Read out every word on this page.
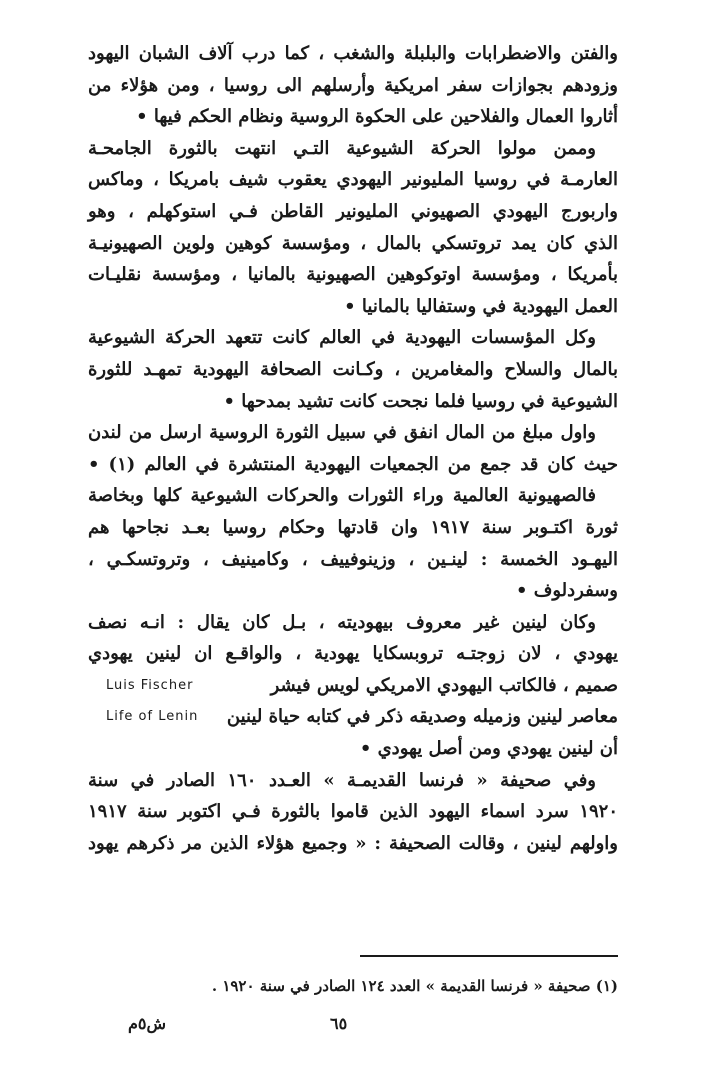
والفتن والاضطرابات والبلبلة والشغب ، كما درب آلاف الشبان اليهود
وزودهم بجوازات سفر امريكية وأرسلهم الى روسيا ، ومن هؤلاء من
أثاروا العمال والفلاحين على الحكوة الروسية ونظام الحكم فيها •
وممن مولوا الحركة الشيوعية التـي انتهت بالثورة الجامحـة
العارمـة في روسيا المليونير اليهودي يعقوب شيف بامريكا ، وماكس
واربورج اليهودي الصهيوني المليونير القاطن فـي استوكهلم ، وهو
الذي كان يمد تروتسكي بالمال ، ومؤسسة كوهين ولوين الصهيونيـة
بأمريكا ، ومؤسسة اوتوكوهين الصهيونية بالمانيا ، ومؤسسة نقليـات
العمل اليهودية في وستفاليا بالمانيا •
وكل المؤسسات اليهودية في العالم كانت تتعهد الحركة الشيوعية
بالمال والسلاح والمغامرين ، وكـانت الصحافة اليهودية تمهـد للثورة
الشيوعية في روسيا فلما نجحت كانت تشيد بمدحها •
واول مبلغ من المال انفق في سبيل الثورة الروسية ارسل من لندن
حيث كان قد جمع من الجمعيات اليهودية المنتشرة في العالم (١) •
فالصهيونية العالمية وراء الثورات والحركات الشيوعية كلها وبخاصة
ثورة اكتـوبر سنة ١٩١٧ وان قادتها وحكام روسيا بعـد نجاحها هم
اليهـود الخمسة : لينـين ، وزينوفييف ، وكامينيف ، وتروتسكـي ،
وسفردلوف •
وكان لينين غير معروف بيهوديته ، بـل كان يقال : انـه نصف
يهودي ، لان زوجتـه تروبسكايا يهودية ، والواقـع ان لينين يهودي
صميم ، فالكاتب اليهودي الامريكي لويس فيشر
Luis Fischer
معاصر لينين وزميله وصديقه ذكر في كتابه حياة لينين
Life of Lenin
أن لينين يهودي ومن أصل يهودي •
وفي صحيفة « فرنسا القديمـة » العـدد ١٦٠ الصادر في سنة
١٩٢٠ سرد اسماء اليهود الذين قاموا بالثورة فـي اكتوبر سنة ١٩١٧
واولهم لينين ، وقالت الصحيفة : « وجميع هؤلاء الذين مر ذكرهم يهود
(١) صحيفة « فرنسا القديمة » العدد ١٢٤ الصادر في سنة ١٩٢٠ .
٦٥
ش٥م
